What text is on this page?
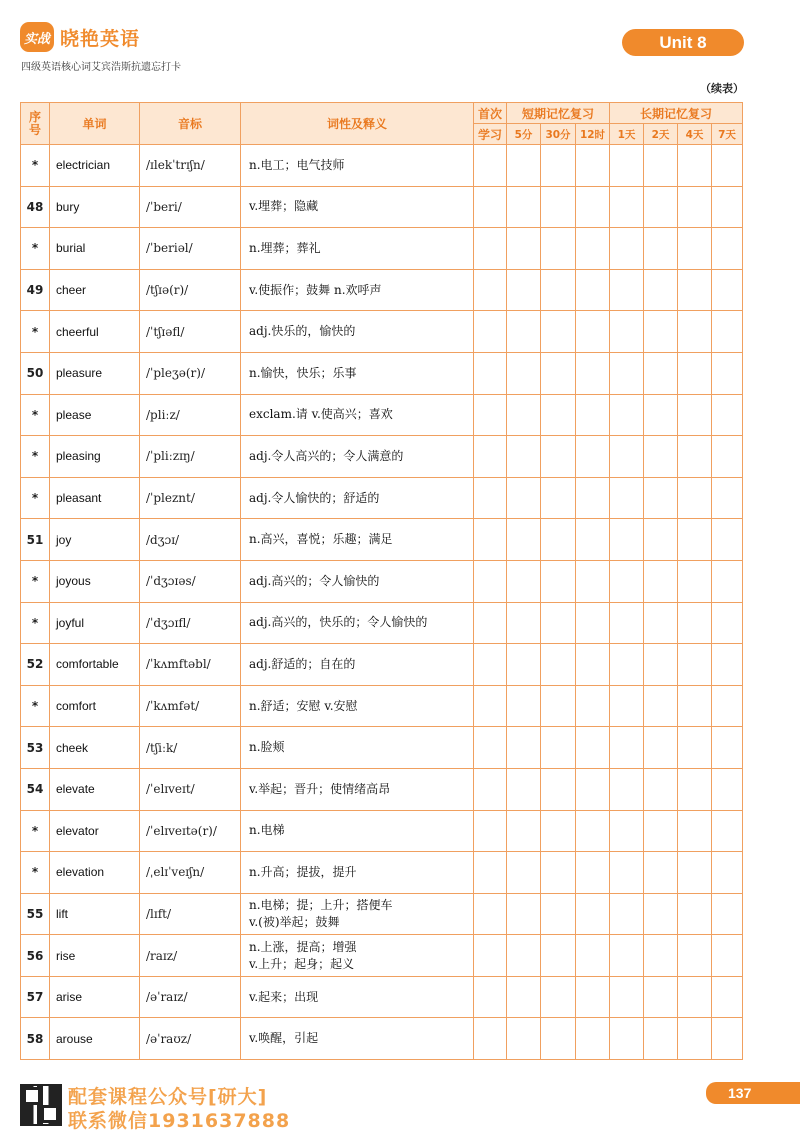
实战 晓艳英语
四级英语核心词艾宾浩斯抗遗忘打卡
Unit 8
（续表）
序号	单词	音标	词性及释义	首次	短期记忆复习			长期记忆复习			
				学习	5分	30分	12时	1天	2天	4天	7天
*	electrician	/ɪlekˈtrɪʃn/	n.电工；电气技师								

48	bury	/ˈberi/	v.埋葬；隐藏								

*	burial	/ˈberiəl/	n.埋葬；葬礼								

49	cheer	/tʃɪə(r)/	v.使振作；鼓舞 n.欢呼声								

*	cheerful	/ˈtʃɪəfl/	adj.快乐的，愉快的								

50	pleasure	/ˈpleʒə(r)/	n.愉快，快乐；乐事								

*	please	/pliːz/	exclam.请 v.使高兴；喜欢								

*	pleasing	/ˈpliːzɪŋ/	adj.令人高兴的；令人满意的								

*	pleasant	/ˈpleznt/	adj.令人愉快的；舒适的								

51	joy	/dʒɔɪ/	n.高兴，喜悦；乐趣；满足								

*	joyous	/ˈdʒɔɪəs/	adj.高兴的；令人愉快的								

*	joyful	/ˈdʒɔɪfl/	adj.高兴的，快乐的；令人愉快的								

52	comfortable	/ˈkʌmftəbl/	adj.舒适的；自在的								

*	comfort	/ˈkʌmfət/	n.舒适；安慰 v.安慰								

53	cheek	/tʃiːk/	n.脸颊								

54	elevate	/ˈelɪveɪt/	v.举起；晋升；使情绪高昂								

*	elevator	/ˈelɪveɪtə(r)/	n.电梯								

*	elevation	/ˌelɪˈveɪʃn/	n.升高；提拔，提升								

55	lift	/lɪft/	n.电梯；提；上升；搭便车
v.(被)举起；鼓舞								

56	rise	/raɪz/	n.上涨，提高；增强
v.上升；起身；起义								

57	arise	/əˈraɪz/	v.起来；出现								

58	arouse	/əˈraʊz/	v.唤醒，引起								

配套课程公众号[研大]
联系微信1931637888
137
